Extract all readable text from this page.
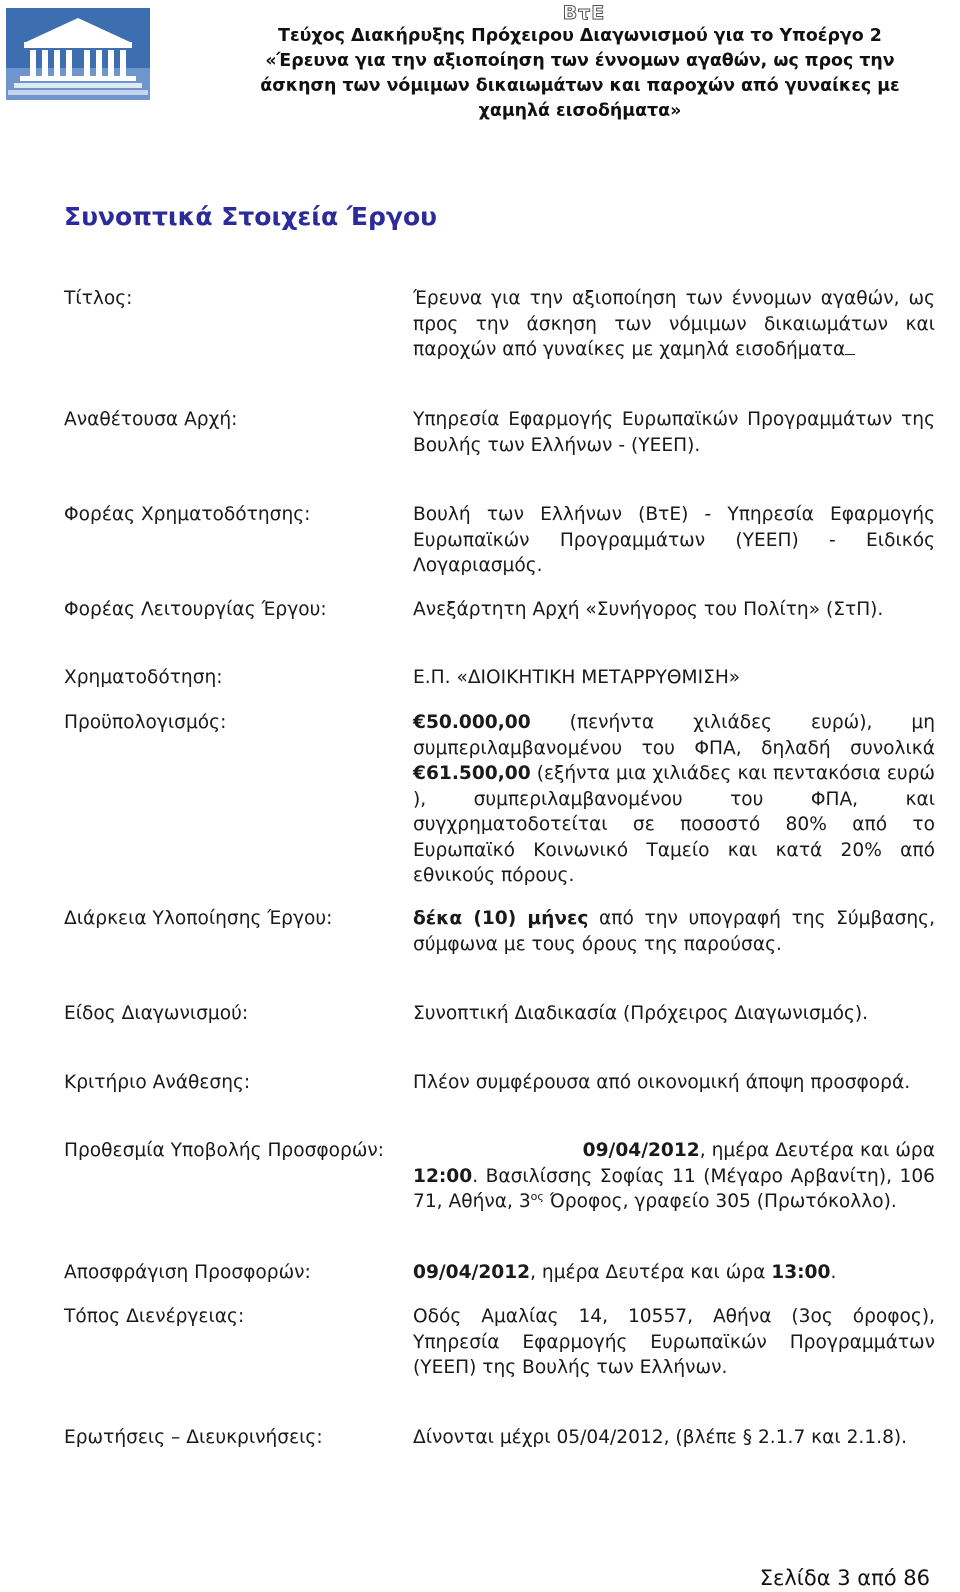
ΒτΕ
Τεύχος Διακήρυξης Πρόχειρου Διαγωνισμού για το Υποέργο 2
«Έρευνα για την αξιοποίηση των έννομων αγαθών, ως προς την
άσκηση των νόμιμων δικαιωμάτων και παροχών από γυναίκες με
χαμηλά εισοδήματα»
Συνοπτικά Στοιχεία Έργου
Τίτλος:	Έρευνα για την αξιοποίηση των έννομων αγαθών, ως προς την άσκηση των νόμιμων δικαιωμάτων και παροχών από γυναίκες με χαμηλά εισοδήματα
Αναθέτουσα Αρχή:	Υπηρεσία Εφαρμογής Ευρωπαϊκών Προγραμμάτων της Βουλής των Ελλήνων - (ΥΕΕΠ).
Φορέας Χρηματοδότησης:	Βουλή των Ελλήνων (ΒτΕ) - Υπηρεσία Εφαρμογής Ευρωπαϊκών Προγραμμάτων (ΥΕΕΠ) - Ειδικός Λογαριασμός.
Φορέας Λειτουργίας Έργου:	Ανεξάρτητη Αρχή «Συνήγορος του Πολίτη» (ΣτΠ).
Χρηματοδότηση:	Ε.Π. «ΔΙΟΙΚΗΤΙΚΗ ΜΕΤΑΡΡΥΘΜΙΣΗ»
Προϋπολογισμός:	€50.000,00 (πενήντα χιλιάδες ευρώ), μη συμπεριλαμβανομένου του ΦΠΑ, δηλαδή συνολικά €61.500,00 (εξήντα μια χιλιάδες και πεντακόσια ευρώ ), συμπεριλαμβανομένου του ΦΠΑ, και συγχρηματοδοτείται σε ποσοστό 80% από το Ευρωπαϊκό Κοινωνικό Ταμείο και κατά 20% από εθνικούς πόρους.
Διάρκεια Υλοποίησης Έργου:	δέκα (10) μήνες από την υπογραφή της Σύμβασης, σύμφωνα με τους όρους της παρούσας.
Είδος Διαγωνισμού:	Συνοπτική Διαδικασία (Πρόχειρος Διαγωνισμός).
Κριτήριο Ανάθεσης:	Πλέον συμφέρουσα από οικονομική άποψη προσφορά.
Προθεσμία Υποβολής Προσφορών:	09/04/2012, ημέρα Δευτέρα και ώρα
12:00. Βασιλίσσης Σοφίας 11 (Μέγαρο Αρβανίτη), 106 71, Αθήνα, $3^{o\varsigma}$ Όροφος, γραφείο 305 (Πρωτόκολλο).
Αποσφράγιση Προσφορών:	09/04/2012, ημέρα Δευτέρα και ώρα 13:00.
Τόπος Διενέργειας:	Οδός Αμαλίας 14, 10557, Αθήνα (3ος όροφος), Υπηρεσία Εφαρμογής Ευρωπαϊκών Προγραμμάτων (ΥΕΕΠ) της Βουλής των Ελλήνων.
Ερωτήσεις – Διευκρινήσεις:	Δίνονται μέχρι 05/04/2012, (βλέπε § 2.1.7 και 2.1.8).
Σελίδα 3 από 86
